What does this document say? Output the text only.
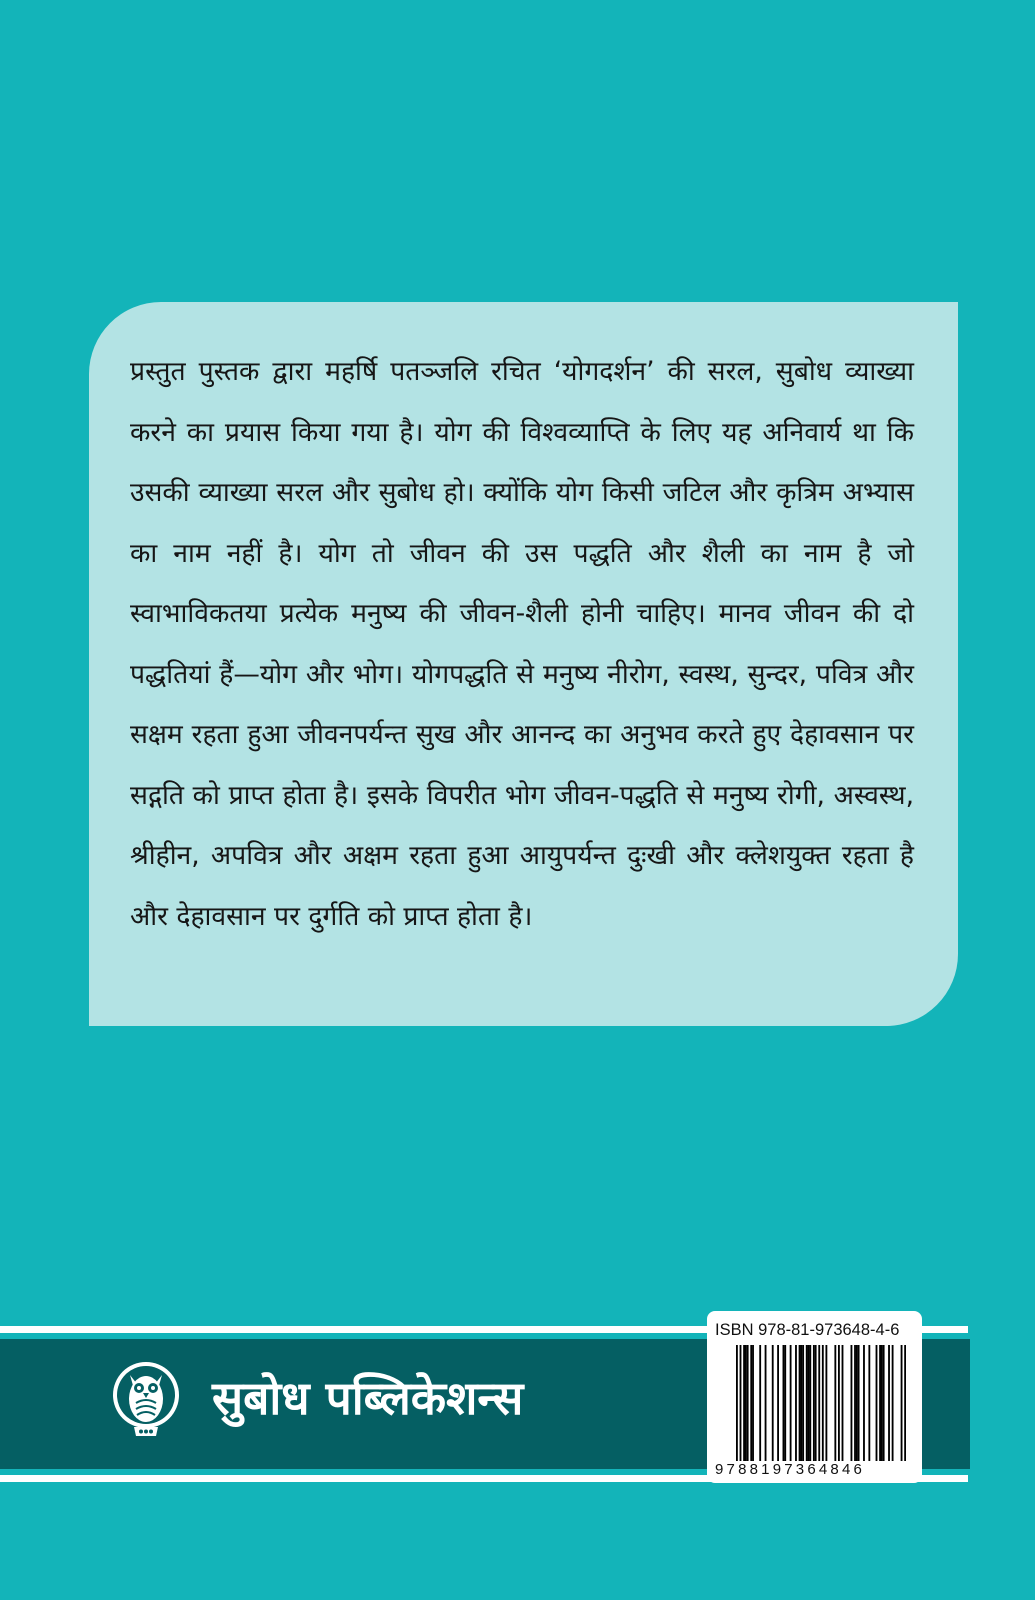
प्रस्तुत पुस्तक द्वारा महर्षि पतञ्जलि रचित ‘योगदर्शन’ की सरल, सुबोध व्याख्या करने का प्रयास किया गया है। योग की विश्वव्याप्ति के लिए यह अनिवार्य था कि उसकी व्याख्या सरल और सुबोध हो। क्योंकि योग किसी जटिल और कृत्रिम अभ्यास का नाम नहीं है। योग तो जीवन की उस पद्धति और शैली का नाम है जो स्वाभाविकतया प्रत्येक मनुष्य की जीवन-शैली होनी चाहिए। मानव जीवन की दो पद्धतियां हैं—योग और भोग। योगपद्धति से मनुष्य नीरोग, स्वस्थ, सुन्दर, पवित्र और सक्षम रहता हुआ जीवनपर्यन्त सुख और आनन्द का अनुभव करते हुए देहावसान पर सद्गति को प्राप्त होता है। इसके विपरीत भोग जीवन-पद्धति से मनुष्य रोगी, अस्वस्थ, श्रीहीन, अपवित्र और अक्षम रहता हुआ आयुपर्यन्त दुःखी और क्लेशयुक्त रहता है और देहावसान पर दुर्गति को प्राप्त होता है।

सुबोध पब्लिकेशन्स
ISBN 978-81-973648-4-6
9788197364846
